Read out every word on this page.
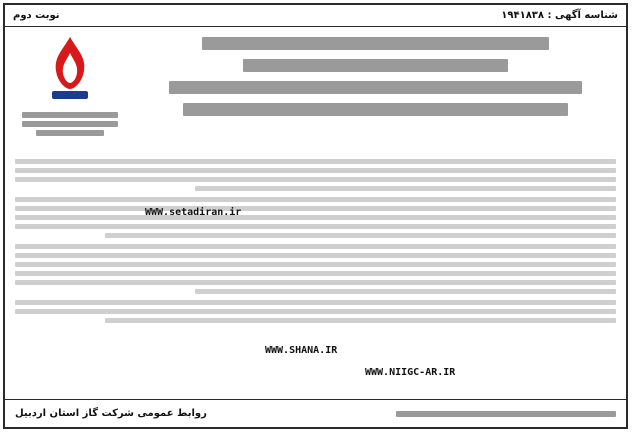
شناسه آگهی : ۱۹۴۱۸۳۸
نوبت دوم
WWW.setadiran.ir
WWW.SHANA.IR
WWW.NIIGC-AR.IR
روابط عمومی شرکت گاز استان اردبیل
